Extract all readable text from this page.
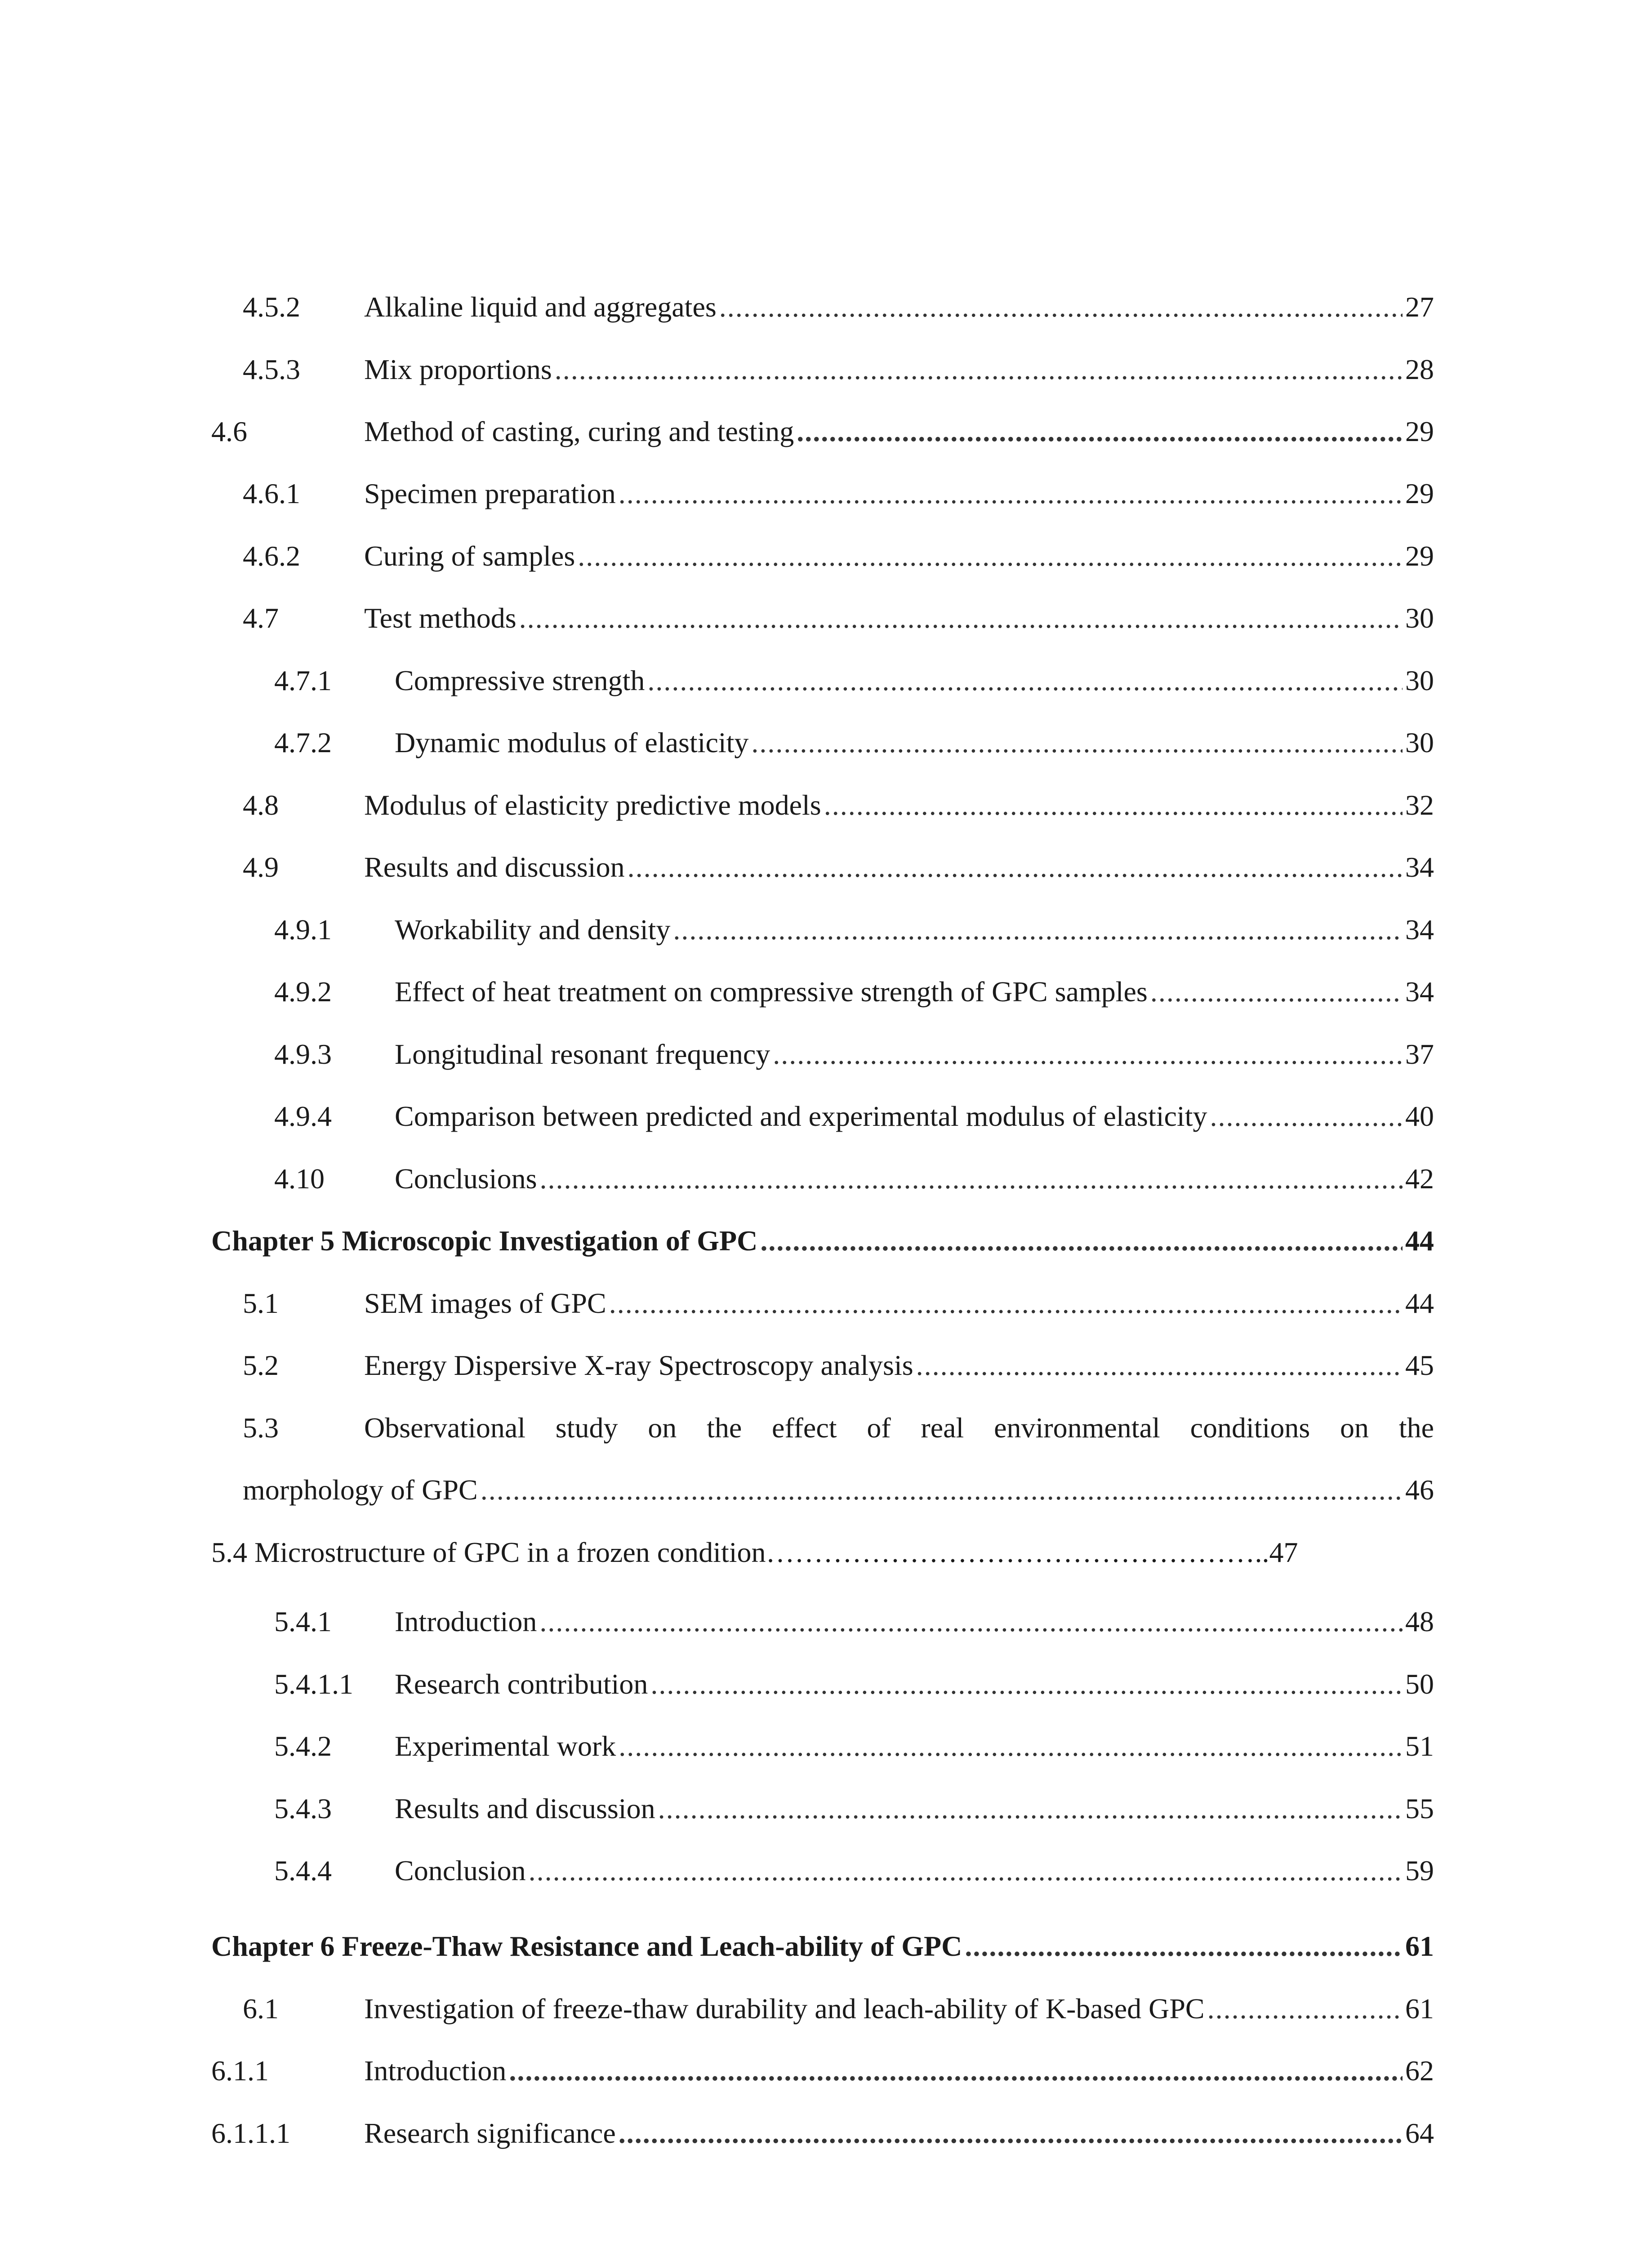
4.5.2 Alkaline liquid and aggregates .....	27
4.5.3 Mix proportions .....	28
4.6	Method of casting, curing and testing .....	29
4.6.1 Specimen preparation .....	29
4.6.2 Curing of samples .....	29
4.7	Test methods .....	30
4.7.1 Compressive strength .....	30
4.7.2 Dynamic modulus of elasticity .....	30
4.8	Modulus of elasticity predictive models .....	32
4.9	Results and discussion .....	34
4.9.1 Workability and density .....	34
4.9.2 Effect of heat treatment on compressive strength of GPC samples .....	34
4.9.3 Longitudinal resonant frequency .....	37
4.9.4 Comparison between predicted and experimental modulus of elasticity .....	40
4.10 Conclusions .....	42
Chapter 5 Microscopic Investigation of GPC .....	44
5.1	SEM images of GPC .....	44
5.2	Energy Dispersive X-ray Spectroscopy analysis .....	45
5.3	Observational study on the effect of real environmental conditions on the
morphology of GPC .....	46
5.4 Microstructure of GPC in a frozen condition……………………………………………..47
5.4.1 Introduction .....	48
5.4.1.1 Research contribution .....	50
5.4.2 Experimental work .....	51
5.4.3 Results and discussion .....	55
5.4.4 Conclusion .....	59
Chapter 6 Freeze-Thaw Resistance and Leach-ability of GPC .....	61
6.1	Investigation of freeze-thaw durability and leach-ability of K-based GPC .....	61
6.1.1	Introduction .....	62
6.1.1.1	Research significance .....	64
